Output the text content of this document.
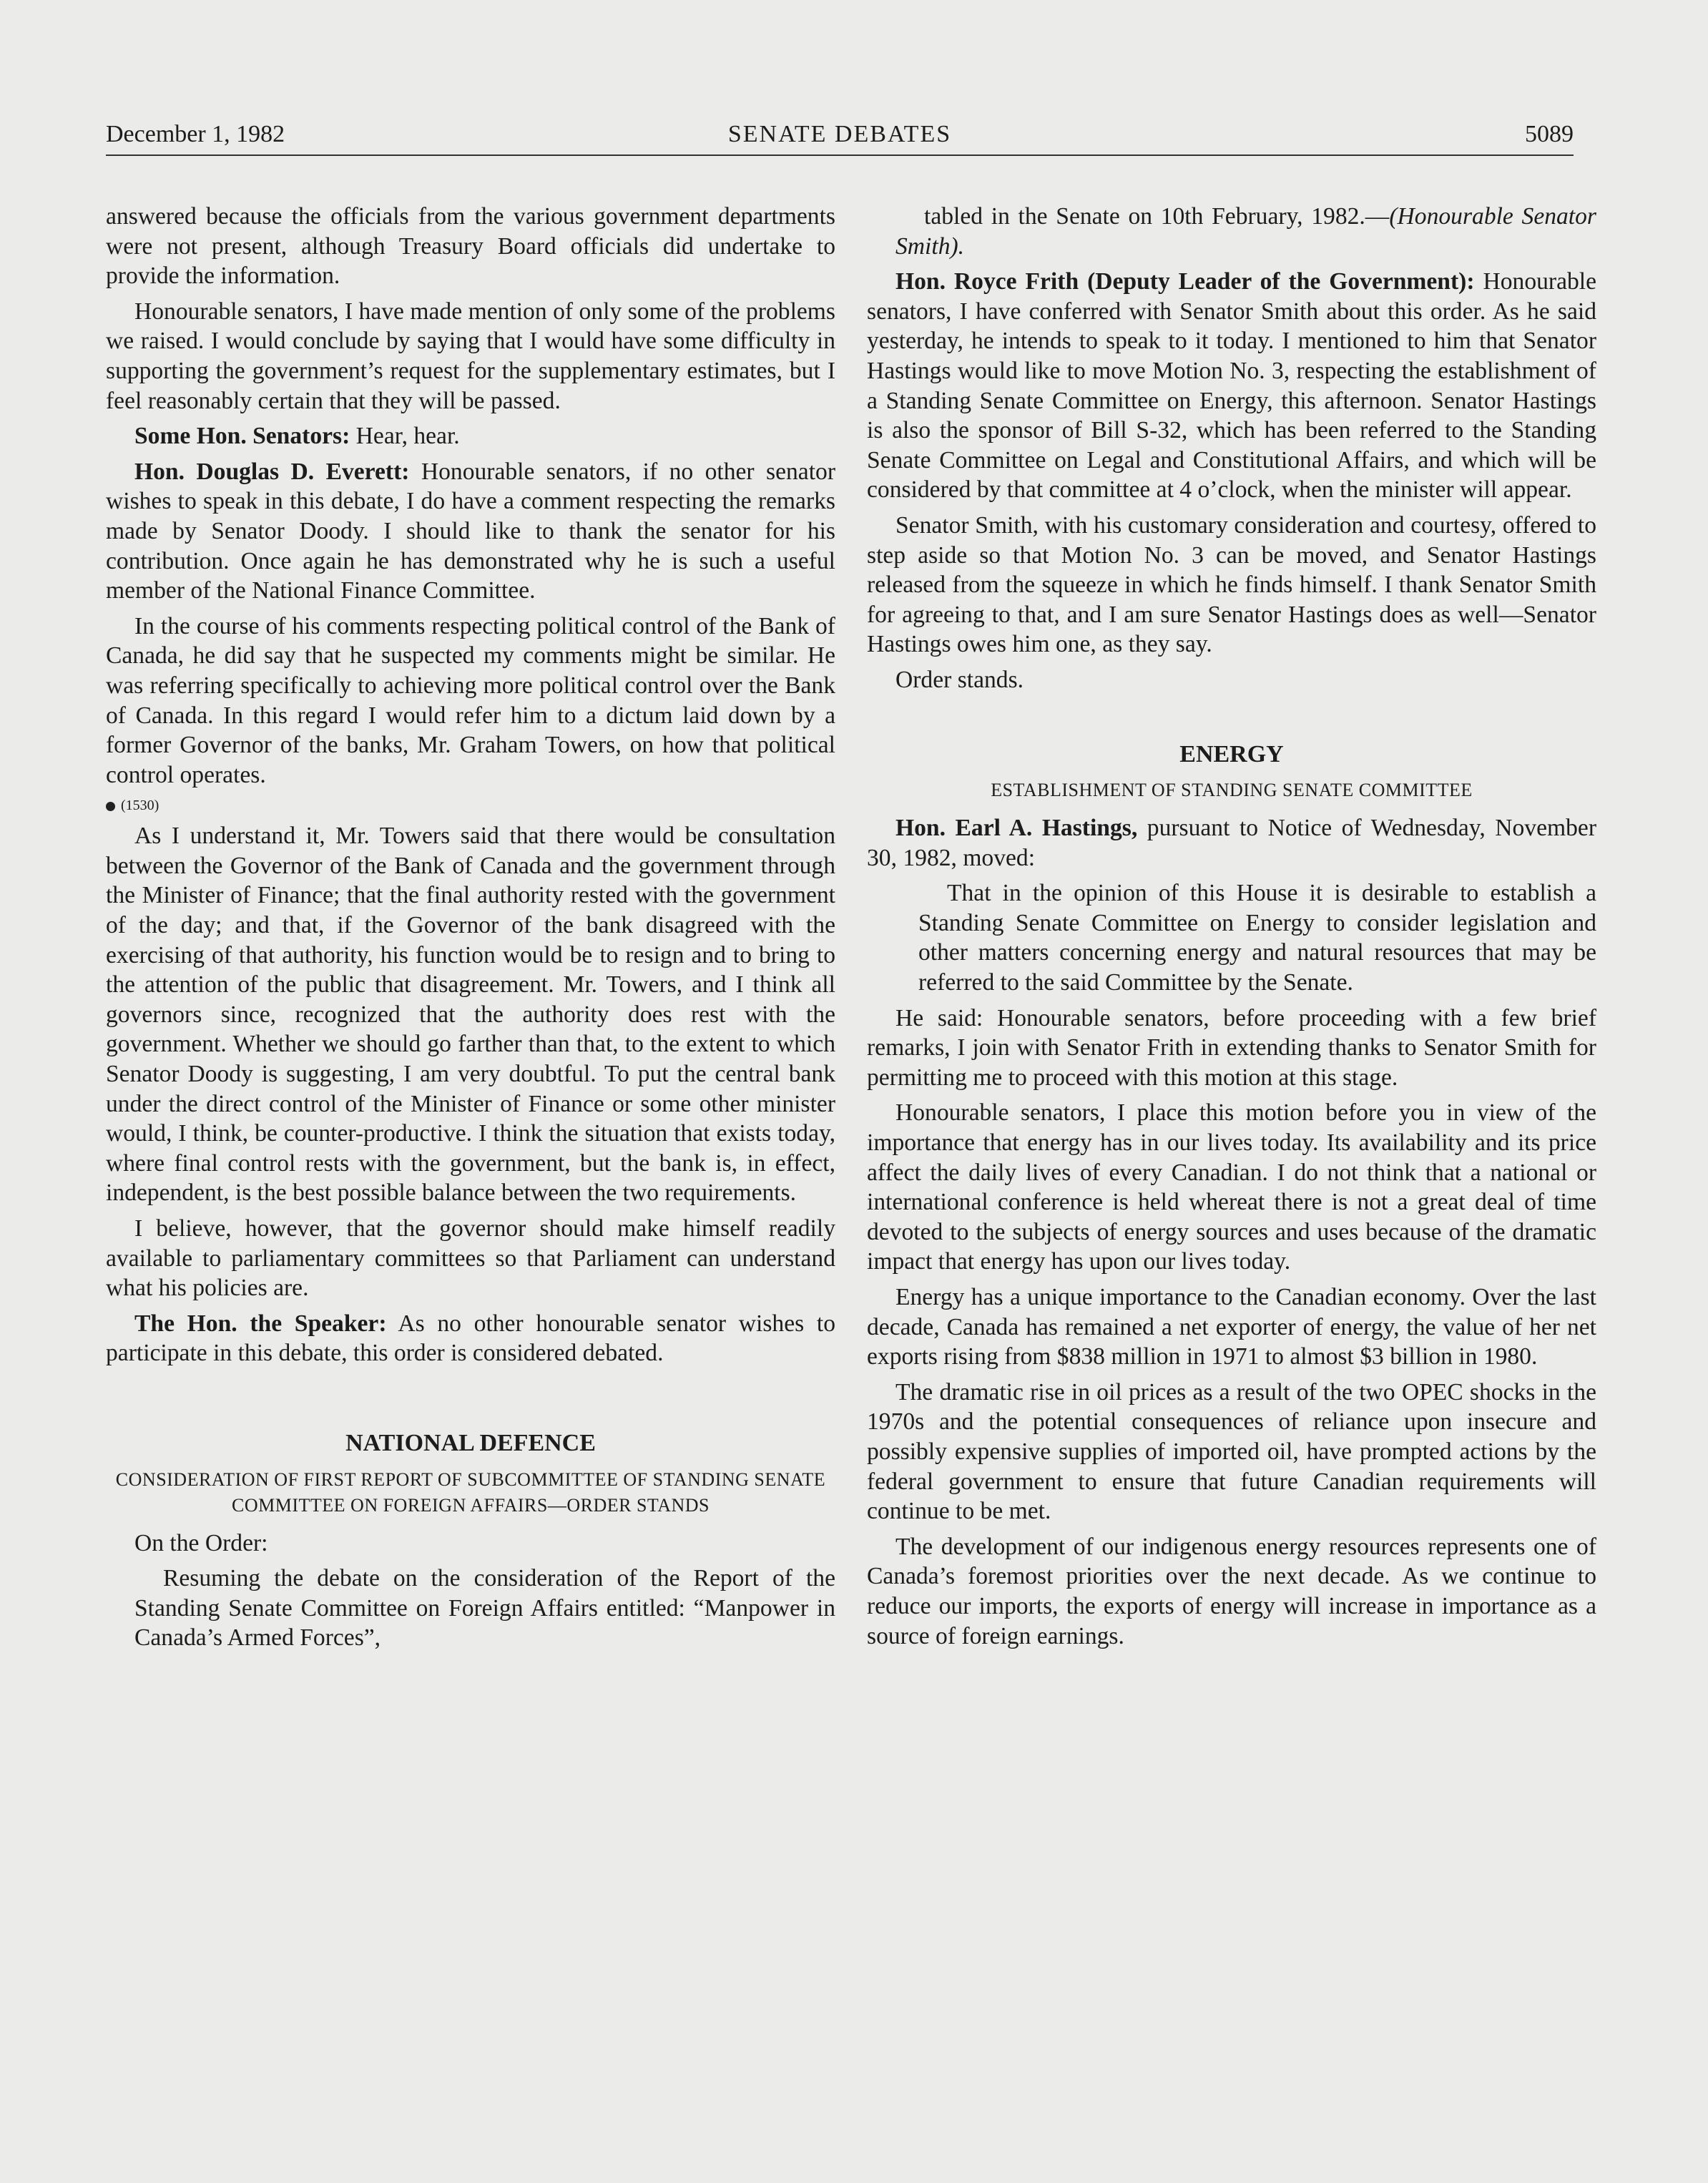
December 1, 1982	SENATE DEBATES	5089

answered because the officials from the various government departments were not present, although Treasury Board officials did undertake to provide the information.

Honourable senators, I have made mention of only some of the problems we raised. I would conclude by saying that I would have some difficulty in supporting the government’s request for the supplementary estimates, but I feel reasonably certain that they will be passed.

Some Hon. Senators: Hear, hear.

Hon. Douglas D. Everett: Honourable senators, if no other senator wishes to speak in this debate, I do have a comment respecting the remarks made by Senator Doody. I should like to thank the senator for his contribution. Once again he has demonstrated why he is such a useful member of the National Finance Committee.

In the course of his comments respecting political control of the Bank of Canada, he did say that he suspected my comments might be similar. He was referring specifically to achieving more political control over the Bank of Canada. In this regard I would refer him to a dictum laid down by a former Governor of the banks, Mr. Graham Towers, on how that political control operates.

(1530)

As I understand it, Mr. Towers said that there would be consultation between the Governor of the Bank of Canada and the government through the Minister of Finance; that the final authority rested with the government of the day; and that, if the Governor of the bank disagreed with the exercising of that authority, his function would be to resign and to bring to the attention of the public that disagreement. Mr. Towers, and I think all governors since, recognized that the authority does rest with the government. Whether we should go farther than that, to the extent to which Senator Doody is suggesting, I am very doubtful. To put the central bank under the direct control of the Minister of Finance or some other minister would, I think, be counter-productive. I think the situation that exists today, where final control rests with the government, but the bank is, in effect, independent, is the best possible balance between the two requirements.

I believe, however, that the governor should make himself readily available to parliamentary committees so that Parliament can understand what his policies are.

The Hon. the Speaker: As no other honourable senator wishes to participate in this debate, this order is considered debated.

NATIONAL DEFENCE
CONSIDERATION OF FIRST REPORT OF SUBCOMMITTEE OF STANDING SENATE COMMITTEE ON FOREIGN AFFAIRS—ORDER STANDS

On the Order:

Resuming the debate on the consideration of the Report of the Standing Senate Committee on Foreign Affairs entitled: “Manpower in Canada’s Armed Forces”,

tabled in the Senate on 10th February, 1982.—(Honourable Senator Smith).

Hon. Royce Frith (Deputy Leader of the Government): Honourable senators, I have conferred with Senator Smith about this order. As he said yesterday, he intends to speak to it today. I mentioned to him that Senator Hastings would like to move Motion No. 3, respecting the establishment of a Standing Senate Committee on Energy, this afternoon. Senator Hastings is also the sponsor of Bill S-32, which has been referred to the Standing Senate Committee on Legal and Constitutional Affairs, and which will be considered by that committee at 4 o’clock, when the minister will appear.

Senator Smith, with his customary consideration and courtesy, offered to step aside so that Motion No. 3 can be moved, and Senator Hastings released from the squeeze in which he finds himself. I thank Senator Smith for agreeing to that, and I am sure Senator Hastings does as well—Senator Hastings owes him one, as they say.

Order stands.

ENERGY
ESTABLISHMENT OF STANDING SENATE COMMITTEE

Hon. Earl A. Hastings, pursuant to Notice of Wednesday, November 30, 1982, moved:

That in the opinion of this House it is desirable to establish a Standing Senate Committee on Energy to consider legislation and other matters concerning energy and natural resources that may be referred to the said Committee by the Senate.

He said: Honourable senators, before proceeding with a few brief remarks, I join with Senator Frith in extending thanks to Senator Smith for permitting me to proceed with this motion at this stage.

Honourable senators, I place this motion before you in view of the importance that energy has in our lives today. Its availability and its price affect the daily lives of every Canadian. I do not think that a national or international conference is held whereat there is not a great deal of time devoted to the subjects of energy sources and uses because of the dramatic impact that energy has upon our lives today.

Energy has a unique importance to the Canadian economy. Over the last decade, Canada has remained a net exporter of energy, the value of her net exports rising from $838 million in 1971 to almost $3 billion in 1980.

The dramatic rise in oil prices as a result of the two OPEC shocks in the 1970s and the potential consequences of reliance upon insecure and possibly expensive supplies of imported oil, have prompted actions by the federal government to ensure that future Canadian requirements will continue to be met.

The development of our indigenous energy resources represents one of Canada’s foremost priorities over the next decade. As we continue to reduce our imports, the exports of energy will increase in importance as a source of foreign earnings.
